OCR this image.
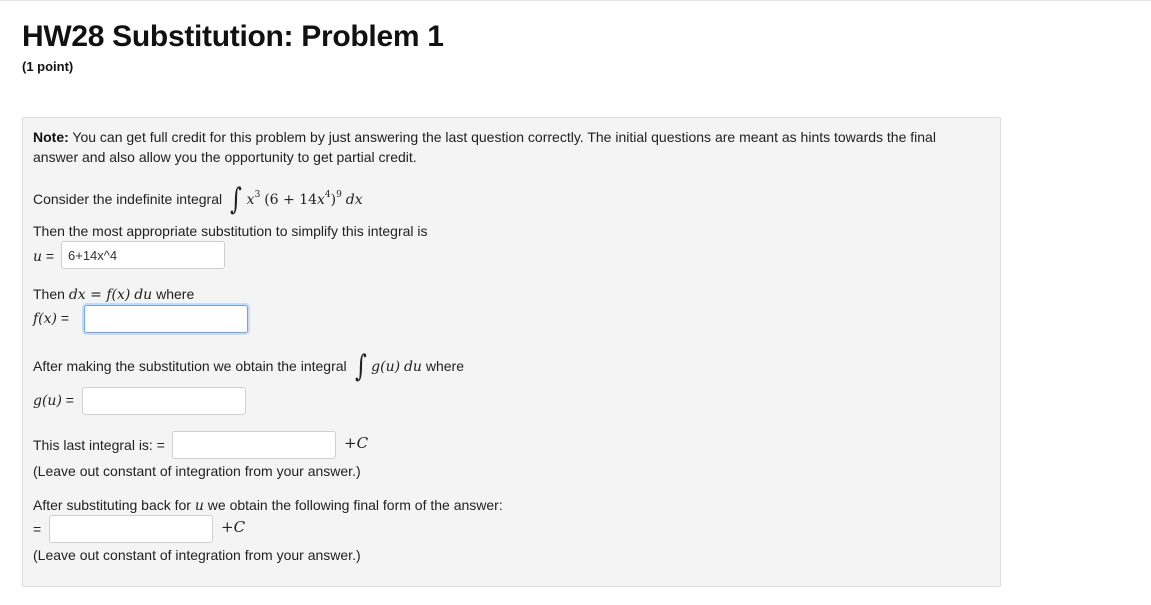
HW28 Substitution: Problem 1
(1 point)
Note: You can get full credit for this problem by just answering the last question correctly. The initial questions are meant as hints towards the final answer and also allow you the opportunity to get partial credit.
Consider the indefinite integral ∫ $x^3$ $(6 + 14x^4)^9$ dx
Then the most appropriate substitution to simplify this integral is
u =
6+14x^4
Then dx = f(x) du where
f(x) =
After making the substitution we obtain the integral ∫ g(u) du where
g(u) =
This last integral is: =	+C
(Leave out constant of integration from your answer.)
After substituting back for u we obtain the following final form of the answer:
=	+C
(Leave out constant of integration from your answer.)
